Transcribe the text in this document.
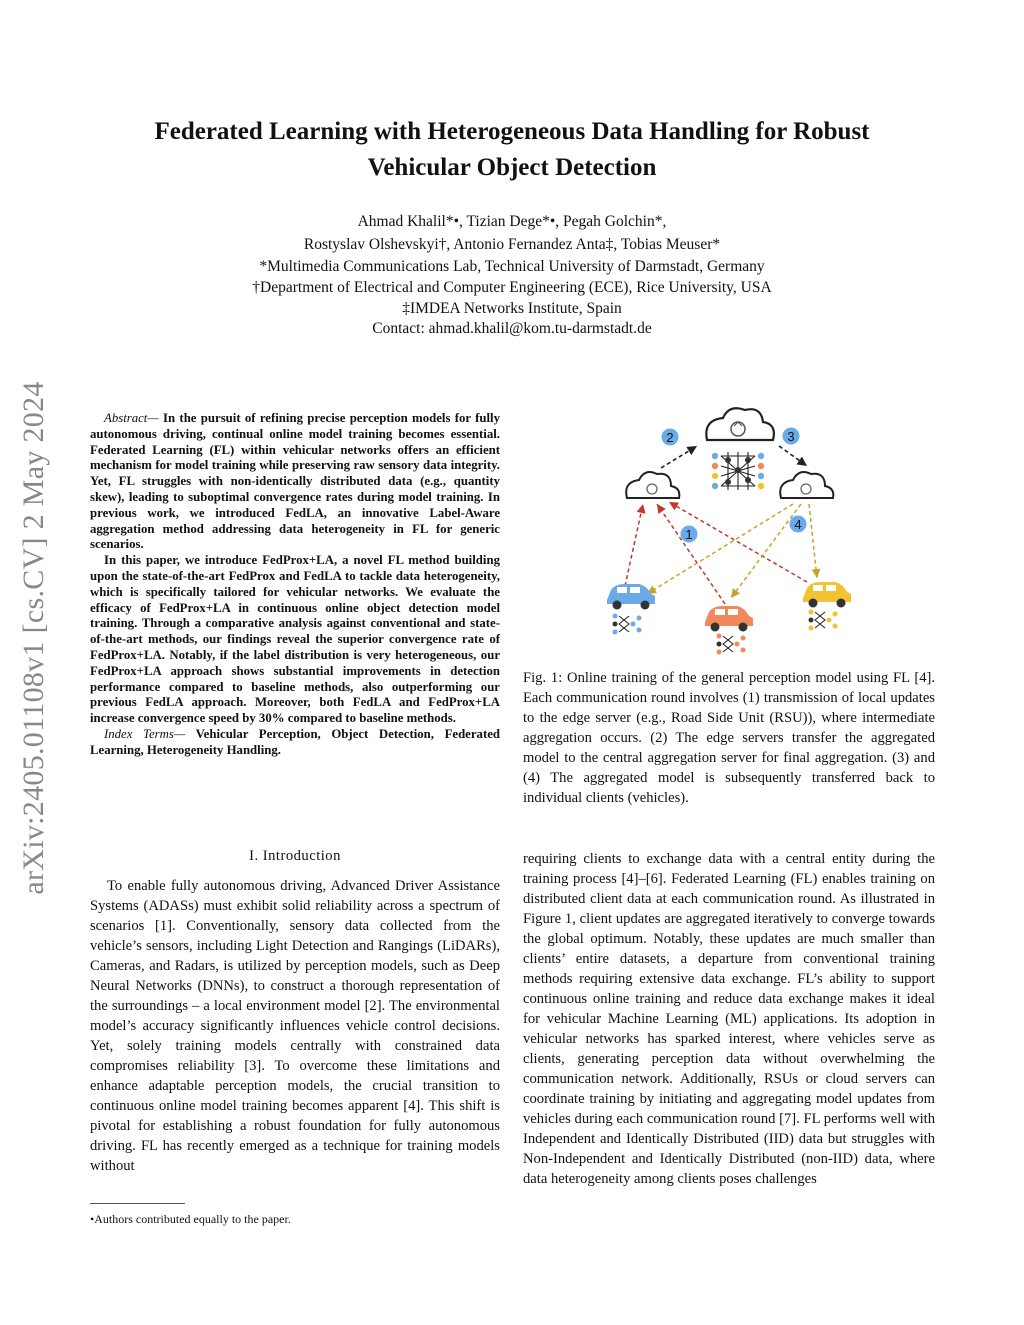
arXiv:2405.01108v1 [cs.CV] 2 May 2024
Federated Learning with Heterogeneous Data Handling for Robust
Vehicular Object Detection
Ahmad Khalil*•, Tizian Dege*•, Pegah Golchin*,
Rostyslav Olshevskyi†, Antonio Fernandez Anta‡, Tobias Meuser*
*Multimedia Communications Lab, Technical University of Darmstadt, Germany
†Department of Electrical and Computer Engineering (ECE), Rice University, USA
‡IMDEA Networks Institute, Spain
Contact: ahmad.khalil@kom.tu-darmstadt.de

Abstract— In the pursuit of refining precise perception models for fully autonomous driving, continual online model training becomes essential. Federated Learning (FL) within vehicular networks offers an efficient mechanism for model training while preserving raw sensory data integrity. Yet, FL struggles with non-identically distributed data (e.g., quantity skew), leading to suboptimal convergence rates during model training. In previous work, we introduced FedLA, an innovative Label-Aware aggregation method addressing data heterogeneity in FL for generic scenarios.

In this paper, we introduce FedProx+LA, a novel FL method building upon the state-of-the-art FedProx and FedLA to tackle data heterogeneity, which is specifically tailored for vehicular networks. We evaluate the efficacy of FedProx+LA in continuous online object detection model training. Through a comparative analysis against conventional and state-of-the-art methods, our findings reveal the superior convergence rate of FedProx+LA. Notably, if the label distribution is very heterogeneous, our FedProx+LA approach shows substantial improvements in detection performance compared to baseline methods, also outperforming our previous FedLA approach. Moreover, both FedLA and FedProx+LA increase convergence speed by 30% compared to baseline methods.

Index Terms— Vehicular Perception, Object Detection, Federated Learning, Heterogeneity Handling.

I. Introduction

To enable fully autonomous driving, Advanced Driver Assistance Systems (ADASs) must exhibit solid reliability across a spectrum of scenarios [1]. Conventionally, sensory data collected from the vehicle’s sensors, including Light Detection and Rangings (LiDARs), Cameras, and Radars, is utilized by perception models, such as Deep Neural Networks (DNNs), to construct a thorough representation of the surroundings – a local environment model [2]. The environmental model’s accuracy significantly influences vehicle control decisions. Yet, solely training models centrally with constrained data compromises reliability [3]. To overcome these limitations and enhance adaptable perception models, the crucial transition to continuous online model training becomes apparent [4]. This shift is pivotal for establishing a robust foundation for fully autonomous driving. FL has recently emerged as a technique for training models without

•Authors contributed equally to the paper.
1
2	3
4
Fig. 1: Online training of the general perception model using FL [4]. Each communication round involves (1) transmission of local updates to the edge server (e.g., Road Side Unit (RSU)), where intermediate aggregation occurs. (2) The edge servers transfer the aggregated model to the central aggregation server for final aggregation. (3) and (4) The aggregated model is subsequently transferred back to individual clients (vehicles).

requiring clients to exchange data with a central entity during the training process [4]–[6]. Federated Learning (FL) enables training on distributed client data at each communication round. As illustrated in Figure 1, client updates are aggregated iteratively to converge towards the global optimum. Notably, these updates are much smaller than clients’ entire datasets, a departure from conventional training methods requiring extensive data exchange. FL’s ability to support continuous online training and reduce data exchange makes it ideal for vehicular Machine Learning (ML) applications. Its adoption in vehicular networks has sparked interest, where vehicles serve as clients, generating perception data without overwhelming the communication network. Additionally, RSUs or cloud servers can coordinate training by initiating and aggregating model updates from vehicles during each communication round [7]. FL performs well with Independent and Identically Distributed (IID) data but struggles with Non-Independent and Identically Distributed (non-IID) data, where data heterogeneity among clients poses challenges
